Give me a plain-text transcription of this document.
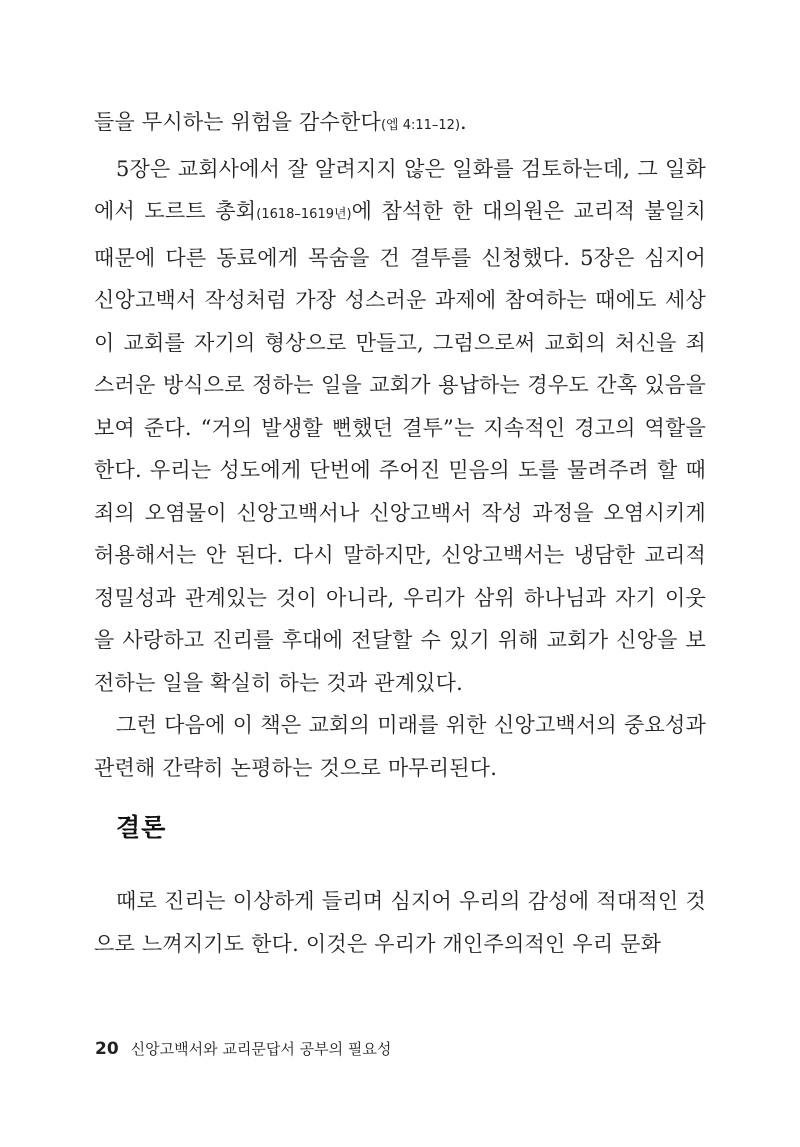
들을 무시하는 위험을 감수한다(엡 4:11–12).

5장은 교회사에서 잘 알려지지 않은 일화를 검토하는데, 그 일화에서 도르트 총회(1618–1619년)에 참석한 한 대의원은 교리적 불일치 때문에 다른 동료에게 목숨을 건 결투를 신청했다. 5장은 심지어 신앙고백서 작성처럼 가장 성스러운 과제에 참여하는 때에도 세상이 교회를 자기의 형상으로 만들고, 그럼으로써 교회의 처신을 죄스러운 방식으로 정하는 일을 교회가 용납하는 경우도 간혹 있음을 보여 준다. “거의 발생할 뻔했던 결투”는 지속적인 경고의 역할을 한다. 우리는 성도에게 단번에 주어진 믿음의 도를 물려주려 할 때 죄의 오염물이 신앙고백서나 신앙고백서 작성 과정을 오염시키게 허용해서는 안 된다. 다시 말하지만, 신앙고백서는 냉담한 교리적 정밀성과 관계있는 것이 아니라, 우리가 삼위 하나님과 자기 이웃을 사랑하고 진리를 후대에 전달할 수 있기 위해 교회가 신앙을 보전하는 일을 확실히 하는 것과 관계있다.

그런 다음에 이 책은 교회의 미래를 위한 신앙고백서의 중요성과 관련해 간략히 논평하는 것으로 마무리된다.

결론

때로 진리는 이상하게 들리며 심지어 우리의 감성에 적대적인 것으로 느껴지기도 한다. 이것은 우리가 개인주의적인 우리 문화

20 신앙고백서와 교리문답서 공부의 필요성
